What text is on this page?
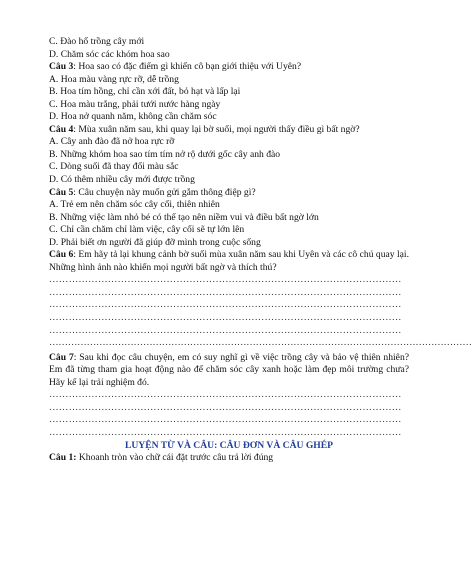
C. Đào hố trồng cây mới
D. Chăm sóc các khóm hoa sao
Câu 3: Hoa sao có đặc điểm gì khiến cô bạn giới thiệu với Uyên?
A. Hoa màu vàng rực rỡ, dễ trồng
B. Hoa tím hồng, chỉ cần xới đất, bỏ hạt và lấp lại
C. Hoa màu trắng, phải tưới nước hàng ngày
D. Hoa nở quanh năm, không cần chăm sóc
Câu 4: Mùa xuân năm sau, khi quay lại bờ suối, mọi người thấy điều gì bất ngờ?
A. Cây anh đào đã nở hoa rực rỡ
B. Những khóm hoa sao tím tím nở rộ dưới gốc cây anh đào
C. Dòng suối đã thay đổi màu sắc
D. Có thêm nhiều cây mới được trồng
Câu 5: Câu chuyện này muốn gửi gắm thông điệp gì?
A. Trẻ em nên chăm sóc cây cối, thiên nhiên
B. Những việc làm nhỏ bé có thể tạo nên niềm vui và điều bất ngờ lớn
C. Chỉ cần chăm chỉ làm việc, cây cối sẽ tự lớn lên
D. Phải biết ơn người đã giúp đỡ mình trong cuộc sống
Câu 6: Em hãy tả lại khung cảnh bờ suối mùa xuân năm sau khi Uyên và các cô chú quay lại. Những hình ảnh nào khiến mọi người bất ngờ và thích thú?
………………………………………………………………………………………………
………………………………………………………………………………………………
………………………………………………………………………………………………
………………………………………………………………………………………………
………………………………………………………………………………………………
………………………………………………………………………………………………………………………
Câu 7: Sau khi đọc câu chuyện, em có suy nghĩ gì về việc trồng cây và bảo vệ thiên nhiên? Em đã từng tham gia hoạt động nào để chăm sóc cây xanh hoặc làm đẹp môi trường chưa? Hãy kể lại trải nghiệm đó.
………………………………………………………………………………………………
………………………………………………………………………………………………
………………………………………………………………………………………………
………………………………………………………………………………………………
LUYỆN TỪ VÀ CÂU: CÂU ĐƠN VÀ CÂU GHÉP
Câu 1: Khoanh tròn vào chữ cái đặt trước câu trả lời đúng
